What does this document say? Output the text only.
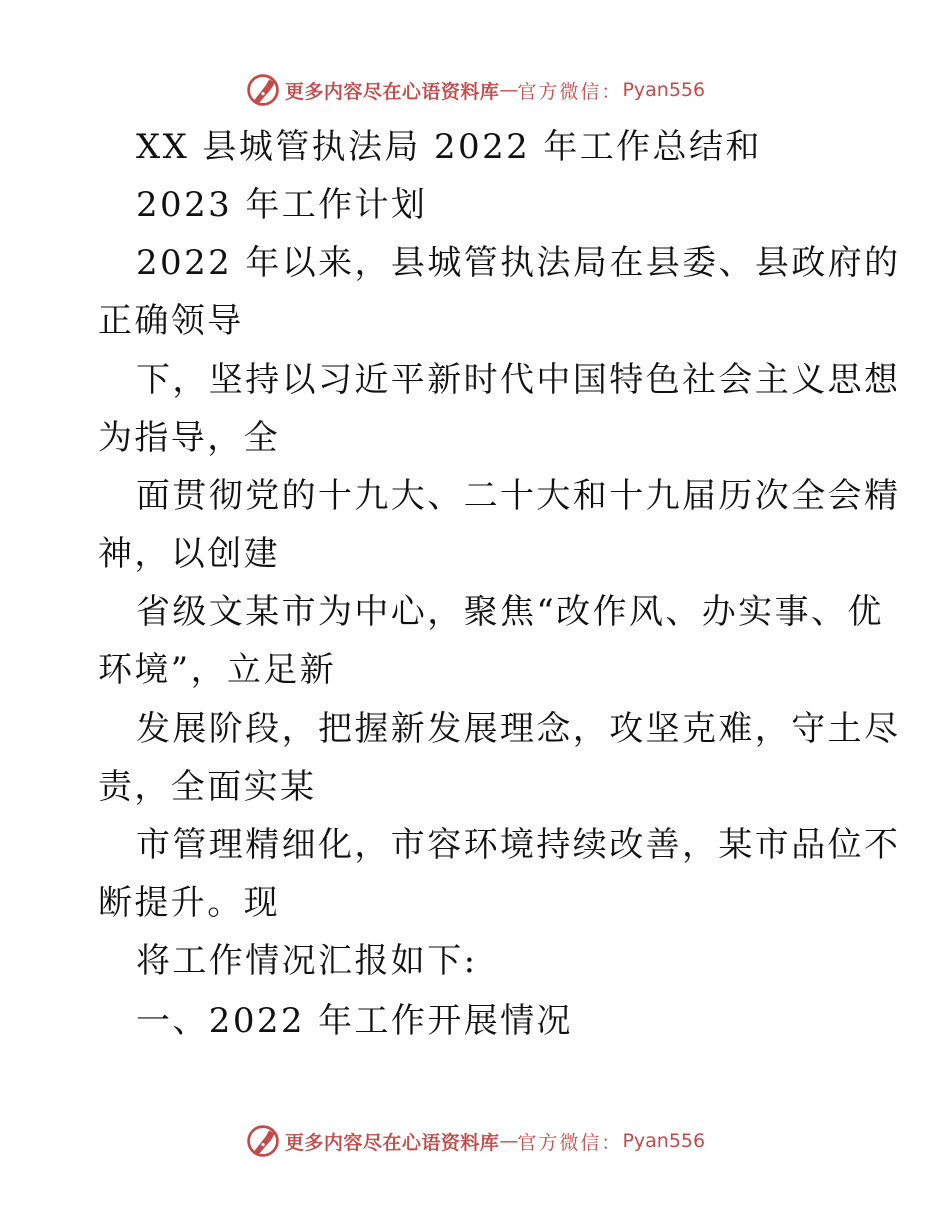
更多内容尽在心语资料库 — 官方微信： Pyan556
XX 县城管执法局 2022 年工作总结和
2023 年工作计划
2022 年以来，县城管执法局在县委、县政府的
正确领导
下，坚持以习近平新时代中国特色社会主义思想
为指导，全
面贯彻党的十九大、二十大和十九届历次全会精
神，以创建
省级文某市为中心，聚焦“改作风、办实事、优
环境”，立足新
发展阶段，把握新发展理念，攻坚克难，守土尽
责，全面实某
市管理精细化，市容环境持续改善，某市品位不
断提升。现
将工作情况汇报如下:
一、2022 年工作开展情况
更多内容尽在心语资料库 — 官方微信： Pyan556
